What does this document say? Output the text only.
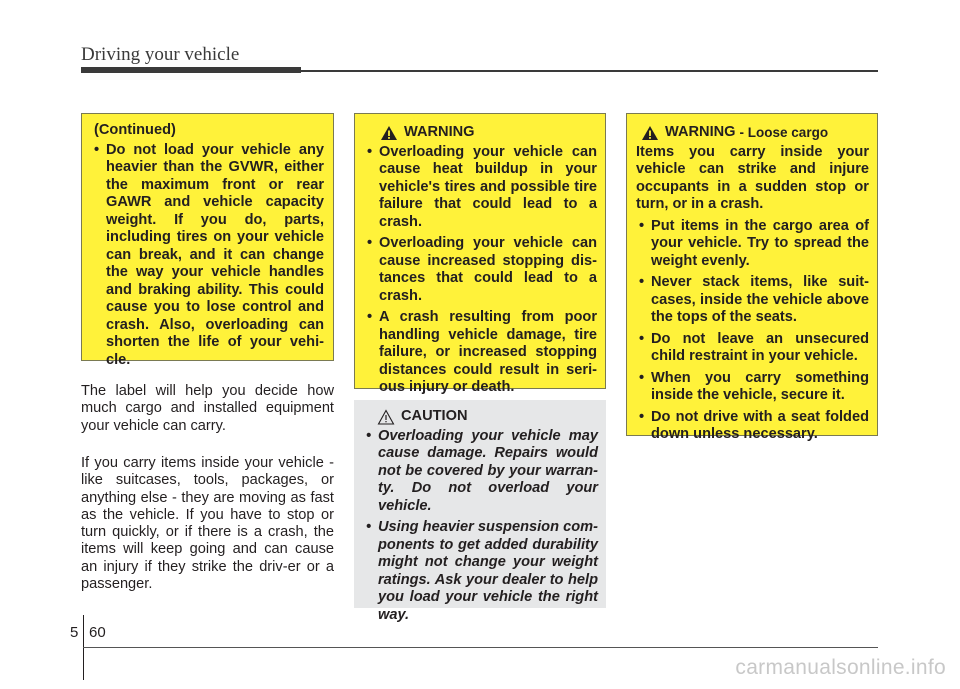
Driving your vehicle
(Continued)
• Do not load your vehicle any heavier than the GVWR, either the maximum front or rear GAWR and vehicle capacity weight. If you do, parts, including tires on your vehicle can break, and it can change the way your vehicle handles and braking ability. This could cause you to lose control and crash. Also, overloading can shorten the life of your vehi-cle.

The label will help you decide how much cargo and installed equipment your vehicle can carry.

If you carry items inside your vehicle - like suitcases, tools, packages, or anything else - they are moving as fast as the vehicle. If you have to stop or turn quickly, or if there is a crash, the items will keep going and can cause an injury if they strike the driv-er or a passenger.

WARNING
• Overloading your vehicle can cause heat buildup in your vehicle's tires and possible tire failure that could lead to a crash.
• Overloading your vehicle can cause increased stopping dis-tances that could lead to a crash.
• A crash resulting from poor handling vehicle damage, tire failure, or increased stopping distances could result in seri-ous injury or death.
CAUTION
• Overloading your vehicle may cause damage. Repairs would not be covered by your warran-ty. Do not overload your vehicle.
• Using heavier suspension com-ponents to get added durability might not change your weight ratings. Ask your dealer to help you load your vehicle the right way.
WARNING - Loose cargo

Items you carry inside your vehicle can strike and injure occupants in a sudden stop or turn, or in a crash.

• Put items in the cargo area of your vehicle. Try to spread the weight evenly.
• Never stack items, like suit-cases, inside the vehicle above the tops of the seats.
• Do not leave an unsecured child restraint in your vehicle.
• When you carry something inside the vehicle, secure it.
• Do not drive with a seat folded down unless necessary.
5 60
carmanualsonline.info
